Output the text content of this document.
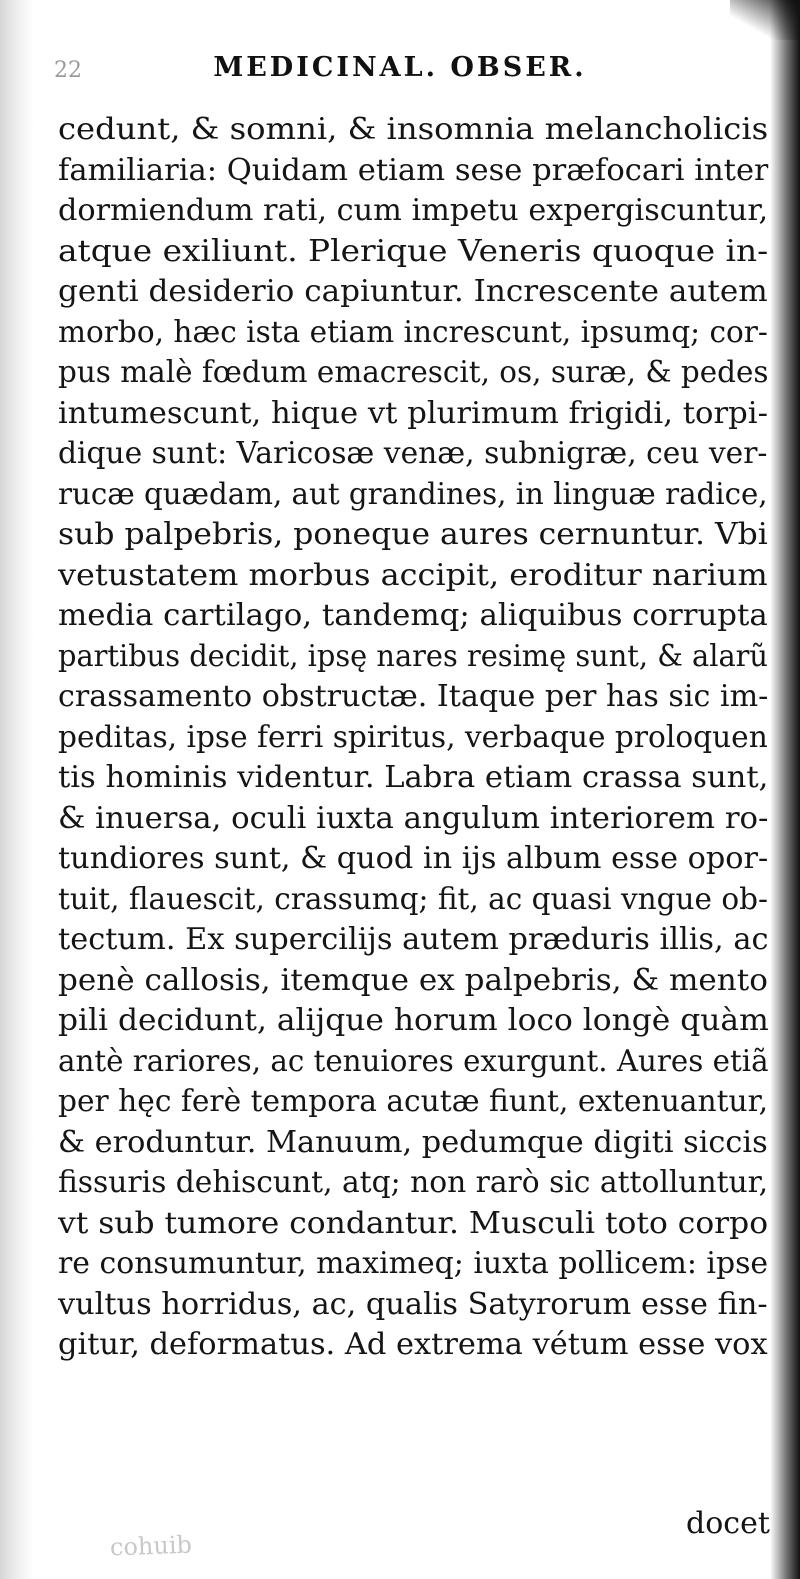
22	MEDICINAL. OBSER.
cedunt, & somni, & insomnia melancholicis
familiaria: Quidam etiam sese præfocari inter
dormiendum rati, cum impetu expergiscuntur,
atque exiliunt. Plerique Veneris quoque in-
genti desiderio capiuntur. Increscente autem
morbo, hæc ista etiam increscunt, ipsumq; cor-
pus malè fœdum emacrescit, os, suræ, & pedes
intumescunt, hique vt plurimum frigidi, torpi-
dique sunt: Varicosæ venæ, subnigræ, ceu ver-
rucæ quædam, aut grandines, in linguæ radice,
sub palpebris, poneque aures cernuntur. Vbi
vetustatem morbus accipit, eroditur narium
media cartilago, tandemq; aliquibus corrupta
partibus decidit, ipsę nares resimę sunt, & alarũ
crassamento obstructæ. Itaque per has sic im-
peditas, ipse ferri spiritus, verbaque proloquen
tis hominis videntur. Labra etiam crassa sunt,
& inuersa, oculi iuxta angulum interiorem ro-
tundiores sunt, & quod in ijs album esse opor-
tuit, flauescit, crassumq; fit, ac quasi vngue ob-
tectum. Ex superciliјs autem præduris illis, ac
penè callosis, itemque ex palpebris, & mento
pili decidunt, alijque horum loco longè quàm
antè rariores, ac tenuiores exurgunt. Aures etiã
per hęc ferè tempora acutæ fiunt, extenuantur,
& eroduntur. Manuum, pedumque digiti siccis
fissuris dehiscunt, atq; non rarò sic attolluntur,
vt sub tumore condantur. Musculi toto corpo
re consumuntur, maximeq; iuxta pollicem: ipse
vultus horridus, ac, qualis Satyrorum esse fin-
gitur, deformatus. Ad extrema vétum esse vox
docet
cohuib
